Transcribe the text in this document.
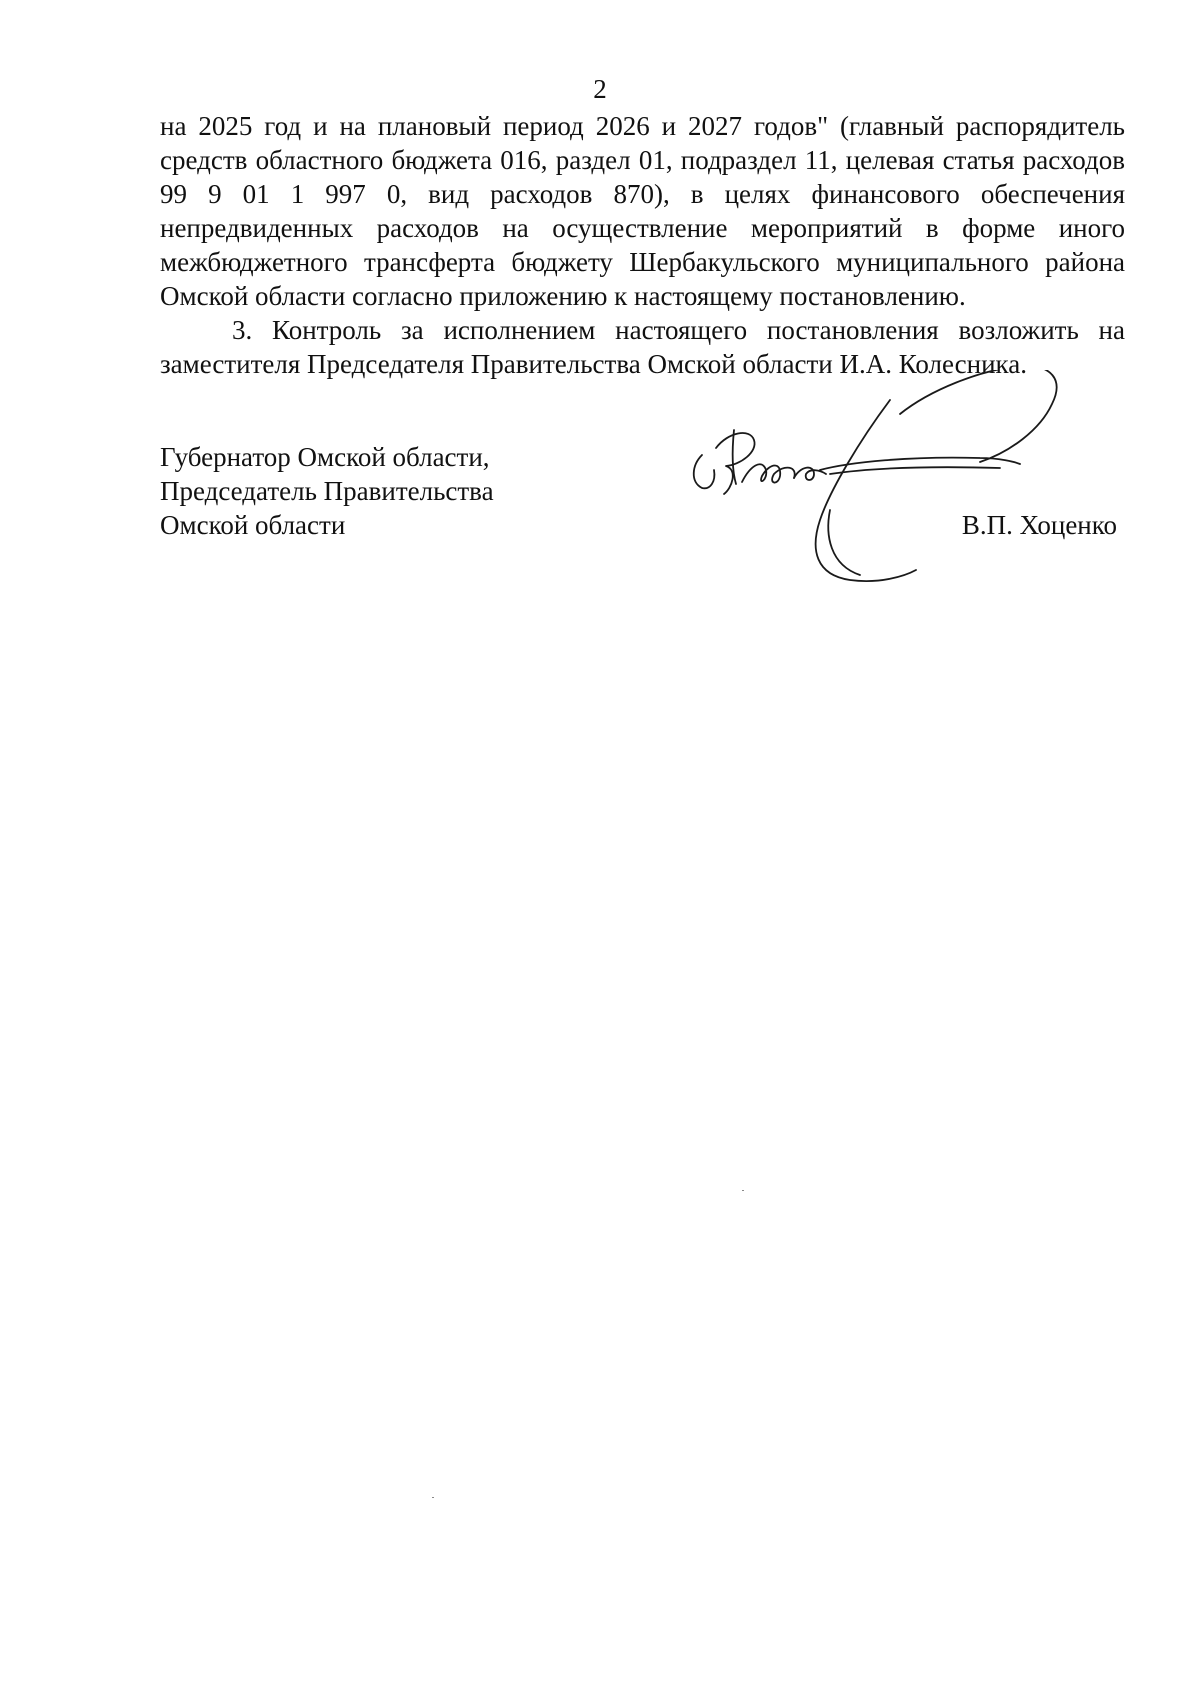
2

на 2025 год и на плановый период 2026 и 2027 годов" (главный распорядитель средств областного бюджета 016, раздел 01, подраздел 11, целевая статья расходов 99 9 01 1 997 0, вид расходов 870), в целях финансового обеспечения непредвиденных расходов на осуществление мероприятий в форме иного межбюджетного трансферта бюджету Шербакульского муниципального района Омской области согласно приложению к настоящему постановлению.

3. Контроль за исполнением настоящего постановления возложить на заместителя Председателя Правительства Омской области И.А. Колесника.

Губернатор Омской области,
Председатель Правительства
Омской области	В.П. Хоценко
